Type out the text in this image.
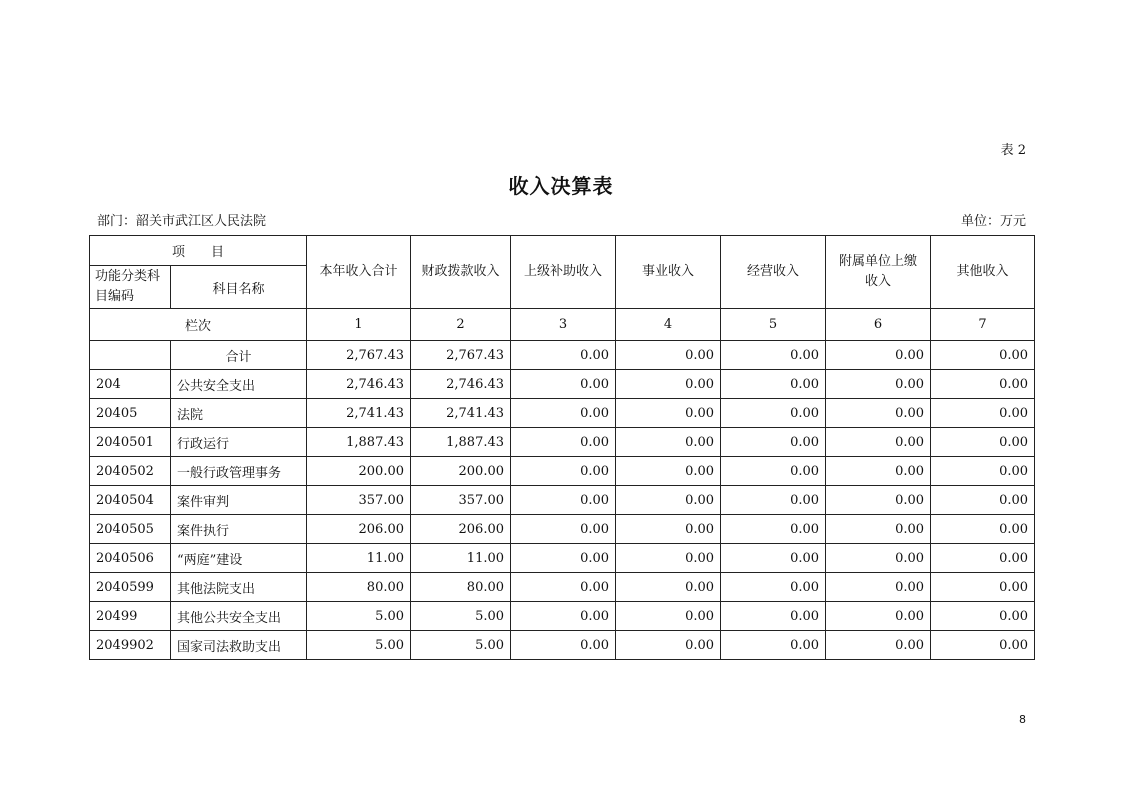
表 2
收入决算表
部门：韶关市武江区人民法院	单位：万元
项　　目		本年收入合计	财政拨款收入	上级补助收入	事业收入	经营收入	附属单位上缴收入	其他收入
功能分类科目编码	科目名称							
栏次		1	2	3	4	5	6	7
	合计	2,767.43	2,767.43	0.00	0.00	0.00	0.00	0.00
204	公共安全支出	2,746.43	2,746.43	0.00	0.00	0.00	0.00	0.00
20405	法院	2,741.43	2,741.43	0.00	0.00	0.00	0.00	0.00
2040501	行政运行	1,887.43	1,887.43	0.00	0.00	0.00	0.00	0.00
2040502	一般行政管理事务	200.00	200.00	0.00	0.00	0.00	0.00	0.00
2040504	案件审判	357.00	357.00	0.00	0.00	0.00	0.00	0.00
2040505	案件执行	206.00	206.00	0.00	0.00	0.00	0.00	0.00
2040506	“两庭”建设	11.00	11.00	0.00	0.00	0.00	0.00	0.00
2040599	其他法院支出	80.00	80.00	0.00	0.00	0.00	0.00	0.00
20499	其他公共安全支出	5.00	5.00	0.00	0.00	0.00	0.00	0.00
2049902	国家司法救助支出	5.00	5.00	0.00	0.00	0.00	0.00	0.00
8
